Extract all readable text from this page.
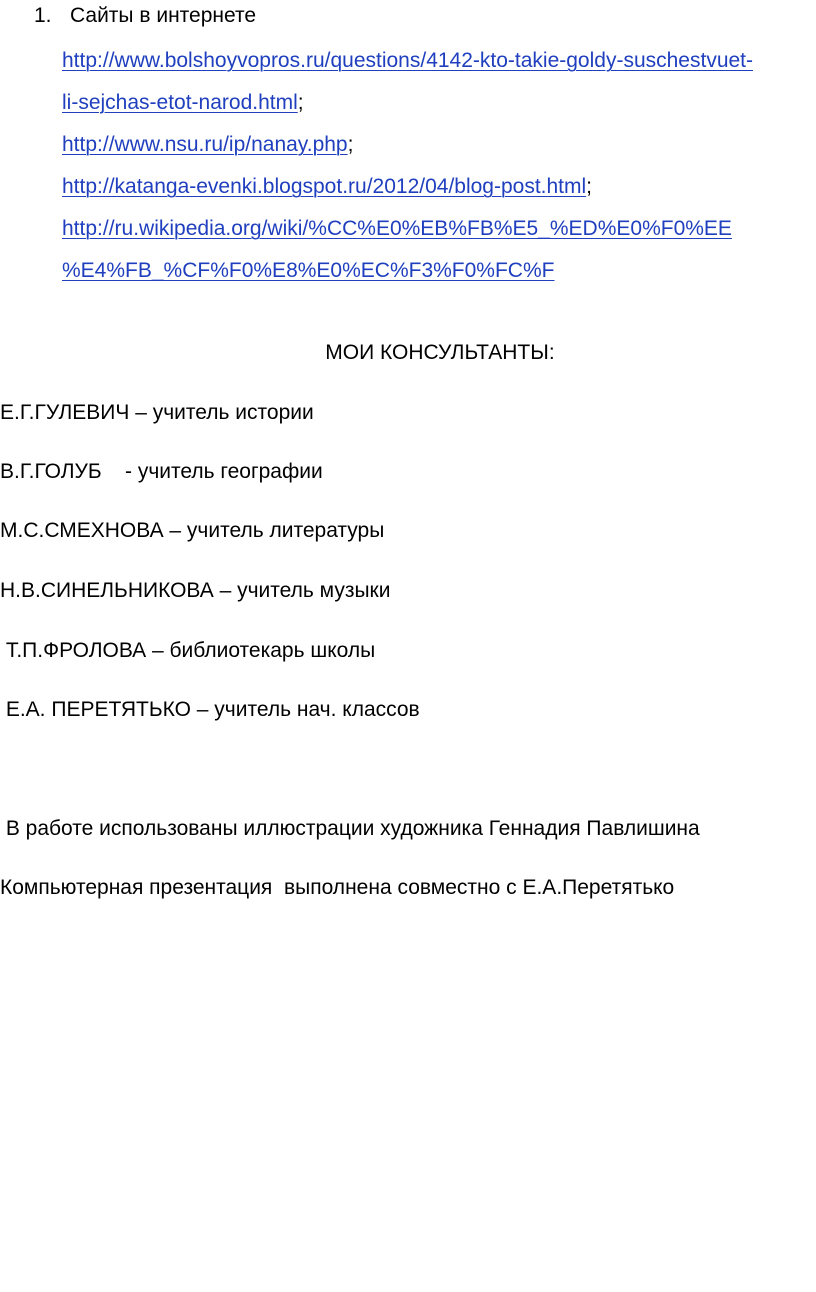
1. Сайты в интернете
http://www.bolshoyvopros.ru/questions/4142-kto-takie-goldy-suschestvuet-
li-sejchas-etot-narod.html;
http://www.nsu.ru/ip/nanay.php;
http://katanga-evenki.blogspot.ru/2012/04/blog-post.html;
http://ru.wikipedia.org/wiki/%CC%E0%EB%FB%E5_%ED%E0%F0%EE
%E4%FB_%CF%F0%E8%E0%EC%F3%F0%FC%F
МОИ КОНСУЛЬТАНТЫ:
Е.Г.ГУЛЕВИЧ – учитель истории
В.Г.ГОЛУБ    - учитель географии
М.С.СМЕХНОВА – учитель литературы
Н.В.СИНЕЛЬНИКОВА – учитель музыки
Т.П.ФРОЛОВА – библиотекарь школы
Е.А. ПЕРЕТЯТЬКО – учитель нач. классов
В работе использованы иллюстрации художника Геннадия Павлишина
Компьютерная презентация  выполнена совместно с Е.А.Перетятько
